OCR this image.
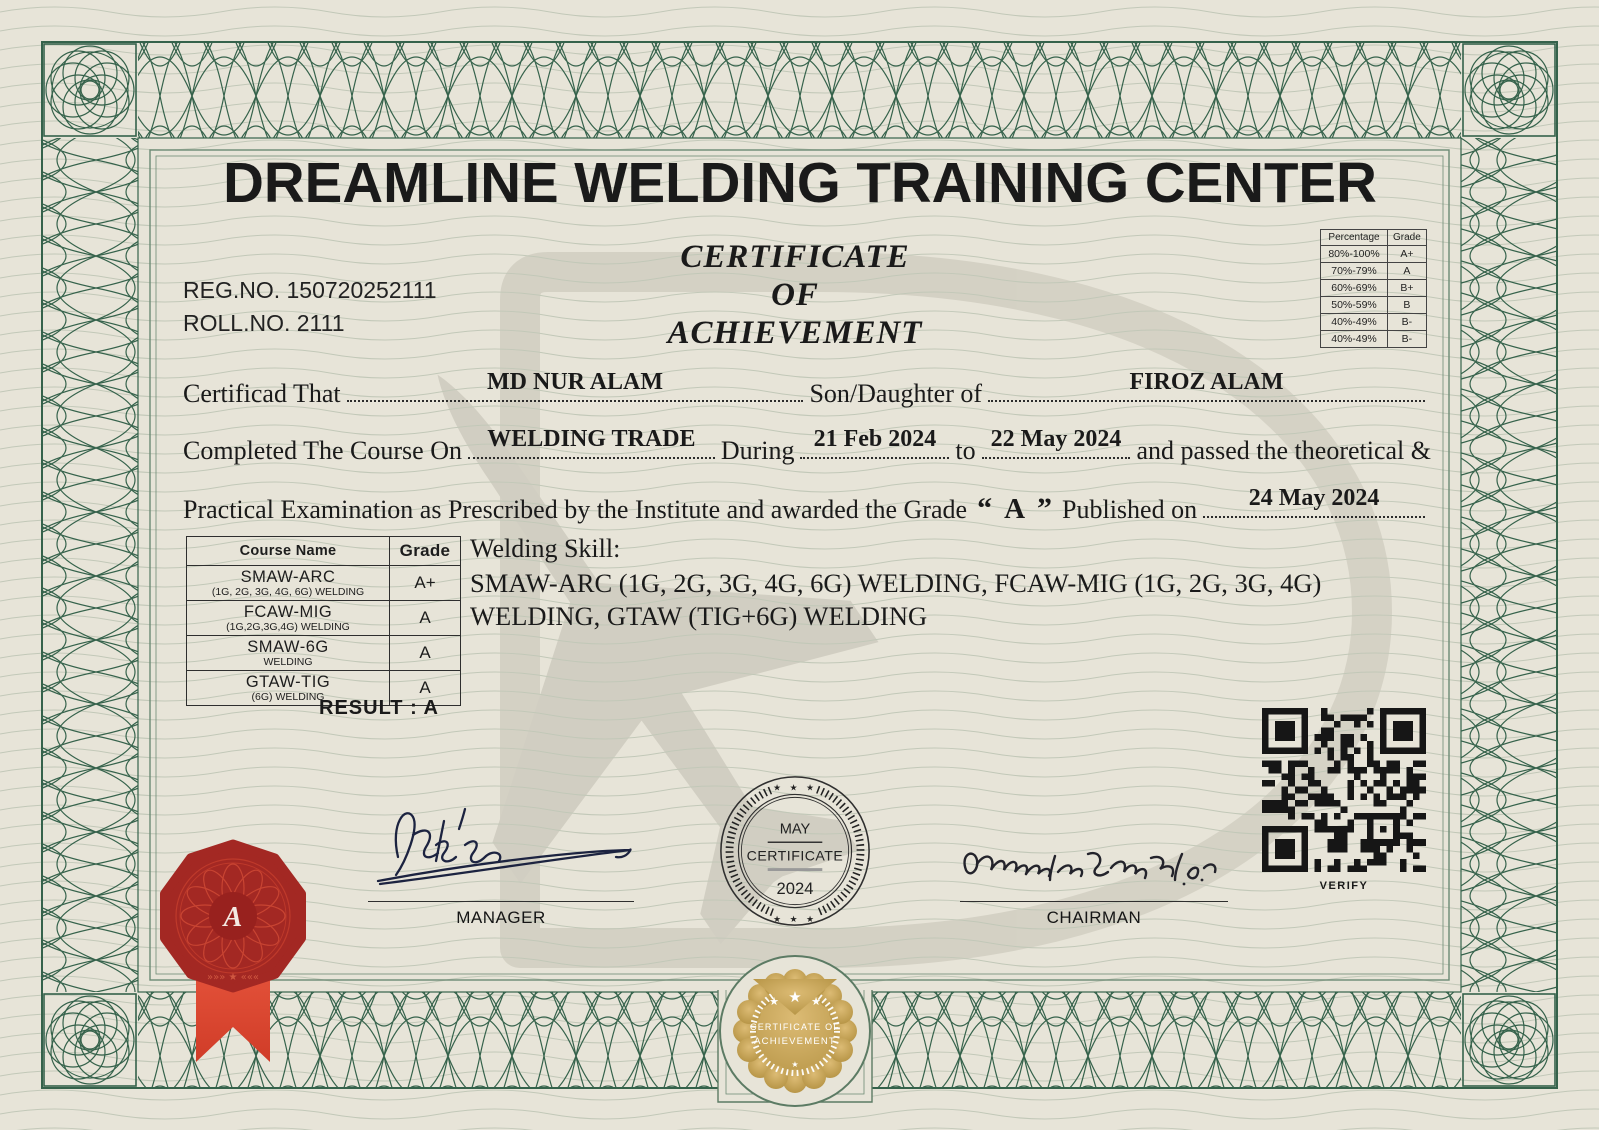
A
»»» ★ «««
★ ★ ★
CERTIFICATE OF
ACHIEVEMENT
★
DREAMLINE WELDING TRAINING CENTER
REG.NO. 150720252111
ROLL.NO. 2111
CERTIFICATE
OF
ACHIEVEMENT
Percentage	Grade
80%-100%	A+
70%-79%	A
60%-69%	B+
50%-59%	B
40%-49%	B-
40%-49%	B-
Certificad That	MD NUR ALAM	Son/Daughter of	FIROZ ALAM
Completed The Course On	WELDING TRADE During 21 Feb 2024 to 22 May 2024 and passed the theoretical &
Practical Examination as Prescribed by the Institute and awarded the Grade “ A ” Published on	24 May 2024
Course Name	Grade

SMAW-ARC
(1G, 2G, 3G, 4G, 6G) WELDING	A+

FCAW-MIG
(1G,2G,3G,4G) WELDING	A

SMAW-6G
WELDING	A

GTAW-TIG
(6G) WELDING	A
RESULT : A
Welding Skill:
SMAW-ARC (1G, 2G, 3G, 4G, 6G) WELDING, FCAW-MIG (1G, 2G, 3G, 4G) WELDING, GTAW (TIG+6G) WELDING
★ ★ ★
★ ★ ★
MAY
CERTIFICATE
2024
MANAGER	CHAIRMAN
VERIFY
